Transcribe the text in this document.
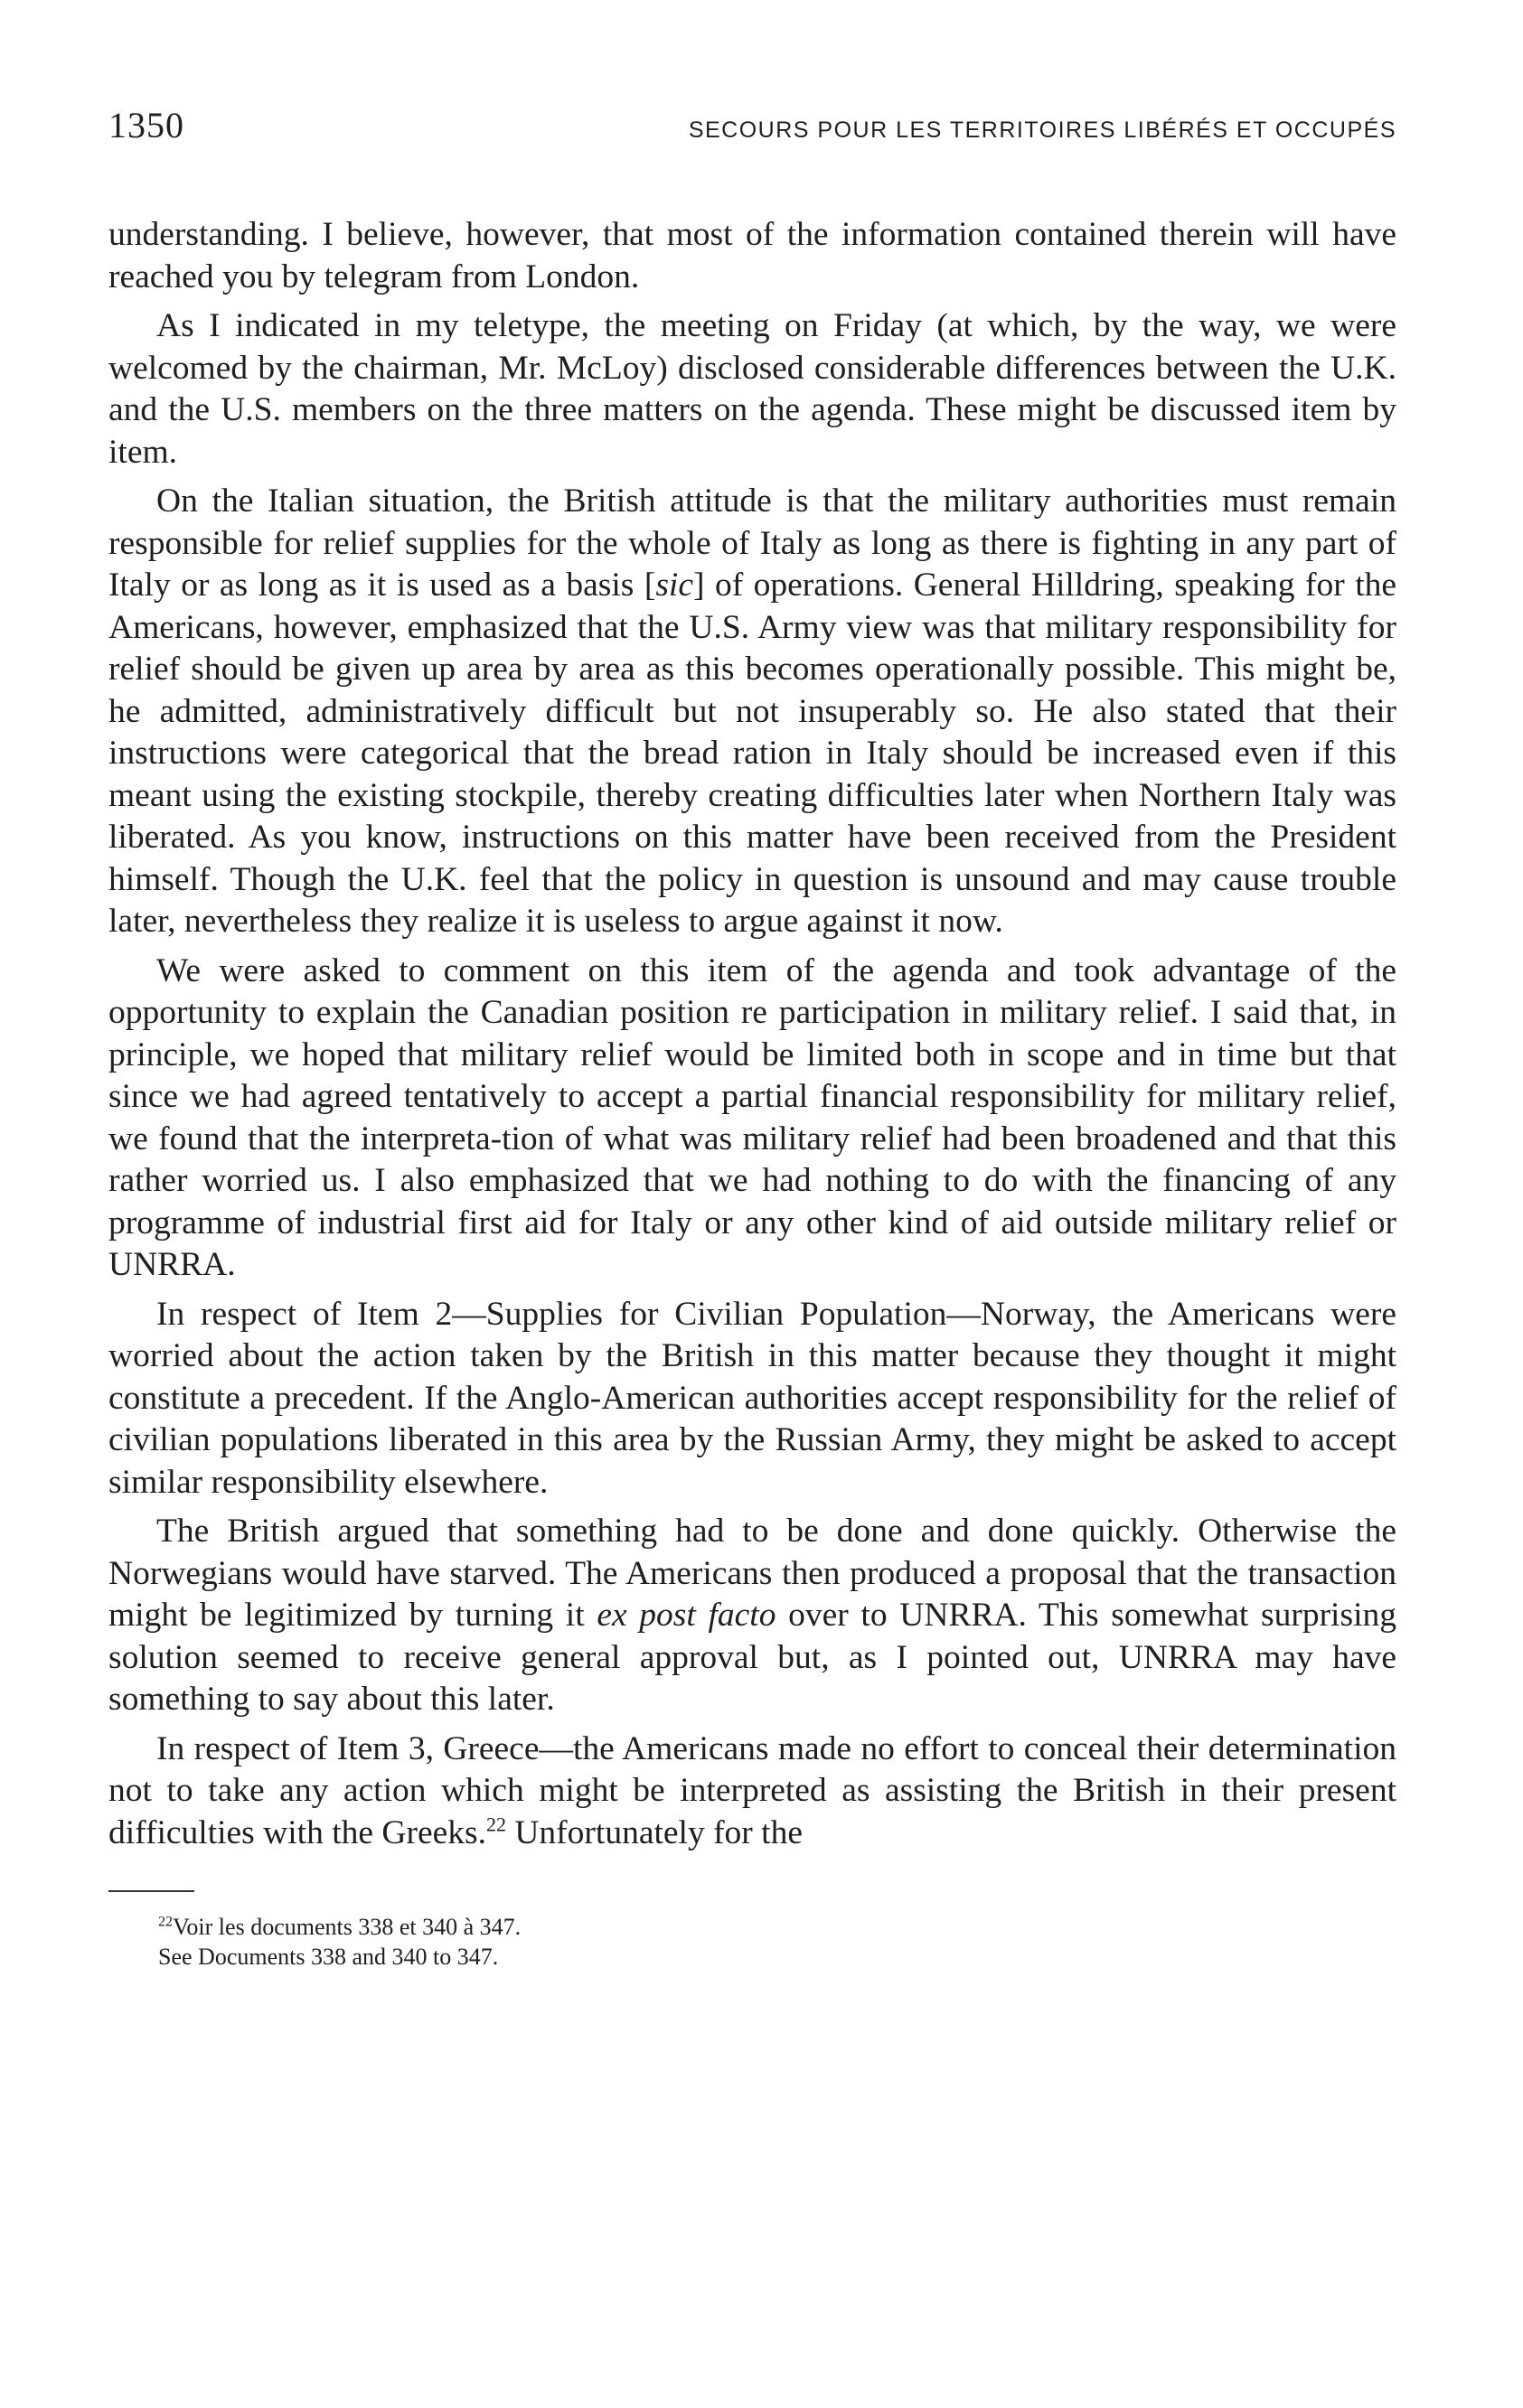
1350	SECOURS POUR LES TERRITOIRES LIBÉRÉS ET OCCUPÉS

understanding. I believe, however, that most of the information contained therein will have reached you by telegram from London.

As I indicated in my teletype, the meeting on Friday (at which, by the way, we were welcomed by the chairman, Mr. McLoy) disclosed considerable differences between the U.K. and the U.S. members on the three matters on the agenda. These might be discussed item by item.

On the Italian situation, the British attitude is that the military authorities must remain responsible for relief supplies for the whole of Italy as long as there is fighting in any part of Italy or as long as it is used as a basis [sic] of operations. General Hilldring, speaking for the Americans, however, emphasized that the U.S. Army view was that military responsibility for relief should be given up area by area as this becomes operationally possible. This might be, he admitted, administratively difficult but not insuperably so. He also stated that their instructions were categorical that the bread ration in Italy should be increased even if this meant using the existing stockpile, thereby creating difficulties later when Northern Italy was liberated. As you know, instructions on this matter have been received from the President himself. Though the U.K. feel that the policy in question is unsound and may cause trouble later, nevertheless they realize it is useless to argue against it now.

We were asked to comment on this item of the agenda and took advantage of the opportunity to explain the Canadian position re participation in military relief. I said that, in principle, we hoped that military relief would be limited both in scope and in time but that since we had agreed tentatively to accept a partial financial responsibility for military relief, we found that the interpreta-tion of what was military relief had been broadened and that this rather worried us. I also emphasized that we had nothing to do with the financing of any programme of industrial first aid for Italy or any other kind of aid outside military relief or UNRRA.

In respect of Item 2—Supplies for Civilian Population—Norway, the Americans were worried about the action taken by the British in this matter because they thought it might constitute a precedent. If the Anglo-American authorities accept responsibility for the relief of civilian populations liberated in this area by the Russian Army, they might be asked to accept similar responsibility elsewhere.

The British argued that something had to be done and done quickly. Otherwise the Norwegians would have starved. The Americans then produced a proposal that the transaction might be legitimized by turning it ex post facto over to UNRRA. This somewhat surprising solution seemed to receive general approval but, as I pointed out, UNRRA may have something to say about this later.

In respect of Item 3, Greece—the Americans made no effort to conceal their determination not to take any action which might be interpreted as assisting the British in their present difficulties with the Greeks.$^{22}$ Unfortunately for the

$^{22}$Voir les documents 338 et 340 à 347.
See Documents 338 and 340 to 347.
